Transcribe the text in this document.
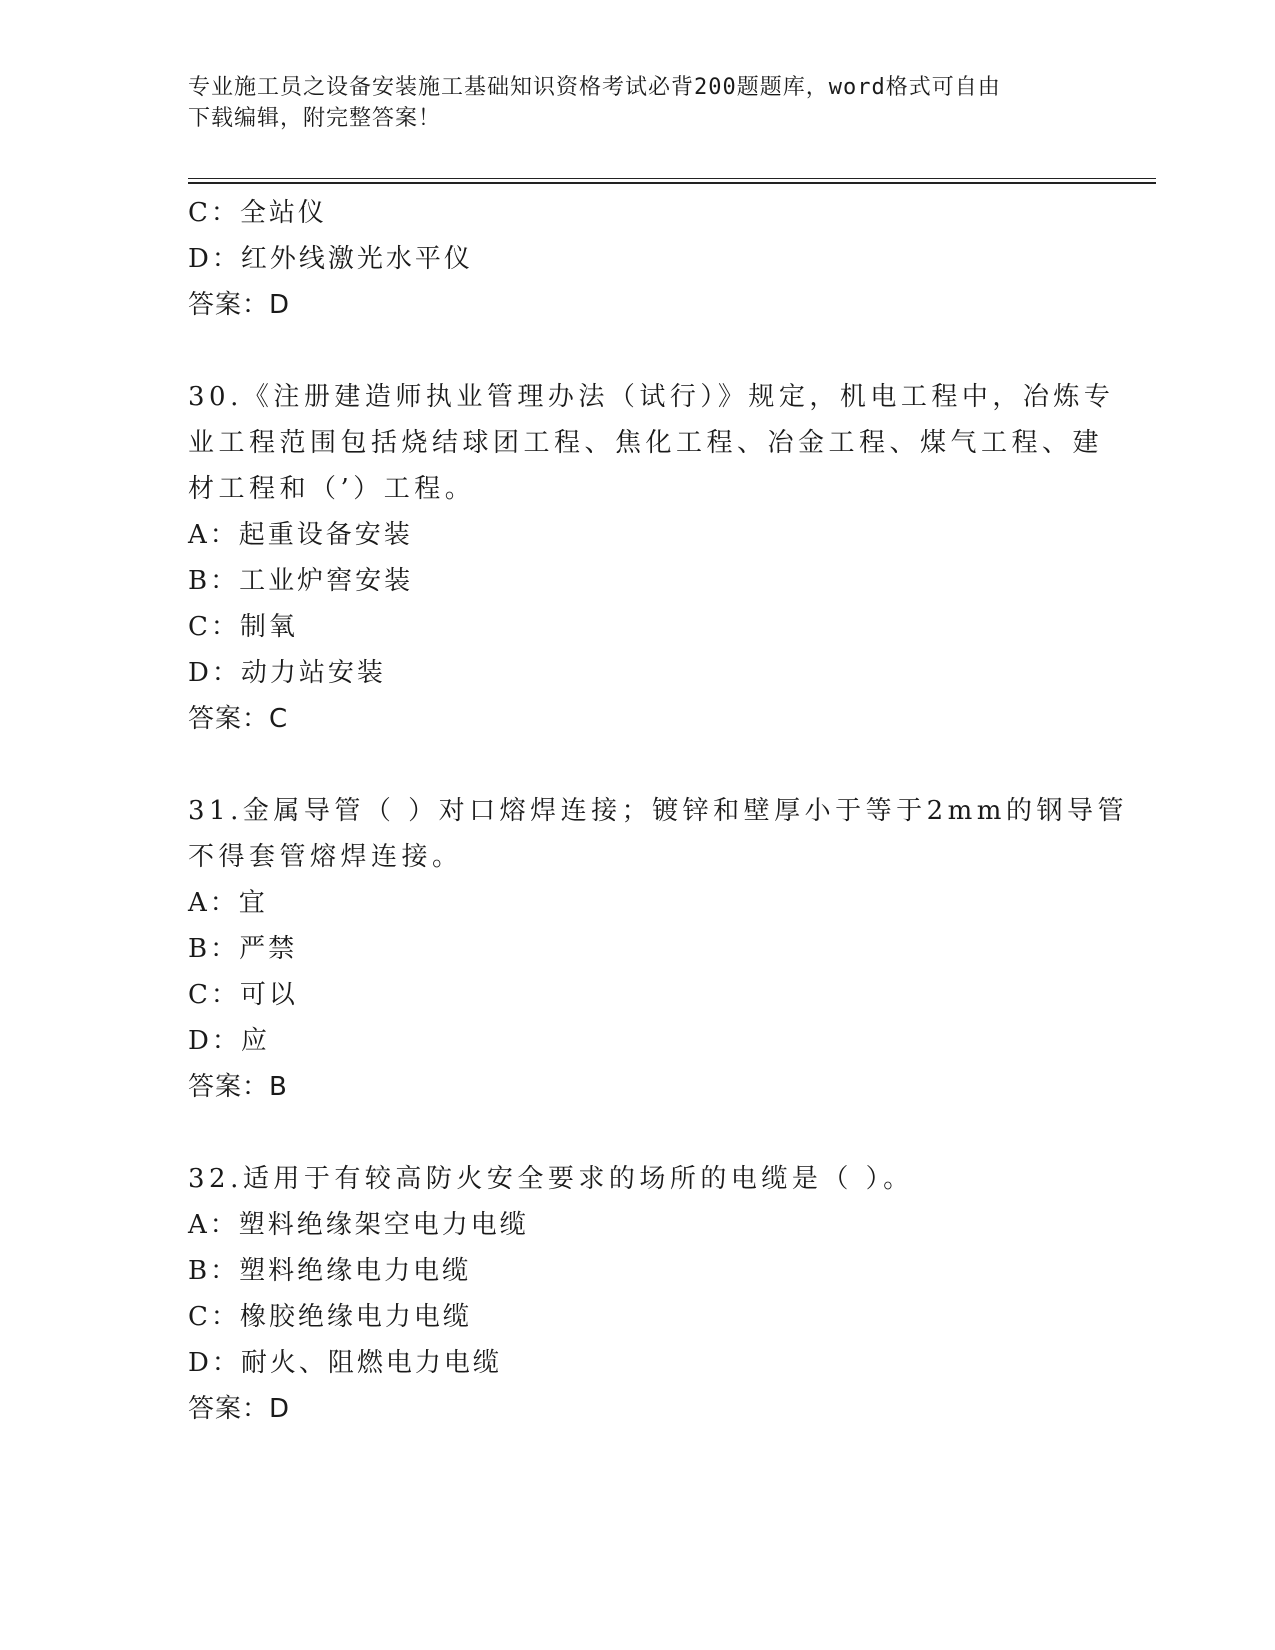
专业施工员之设备安装施工基础知识资格考试必背200题题库，word格式可自由
下载编辑，附完整答案！
C：全站仪
D：红外线激光水平仪
答案：D
30.《注册建造师执业管理办法（试行）》规定，机电工程中，冶炼专
业工程范围包括烧结球团工程、焦化工程、冶金工程、煤气工程、建
材工程和（’）工程。
A：起重设备安装
B：工业炉窖安装
C：制氧
D：动力站安装
答案：C
31.金属导管（ ）对口熔焊连接；镀锌和壁厚小于等于2mm的钢导管
不得套管熔焊连接。
A：宜
B：严禁
C：可以
D：应
答案：B
32.适用于有较高防火安全要求的场所的电缆是（ ）。
A：塑料绝缘架空电力电缆
B：塑料绝缘电力电缆
C：橡胶绝缘电力电缆
D：耐火、阻燃电力电缆
答案：D
